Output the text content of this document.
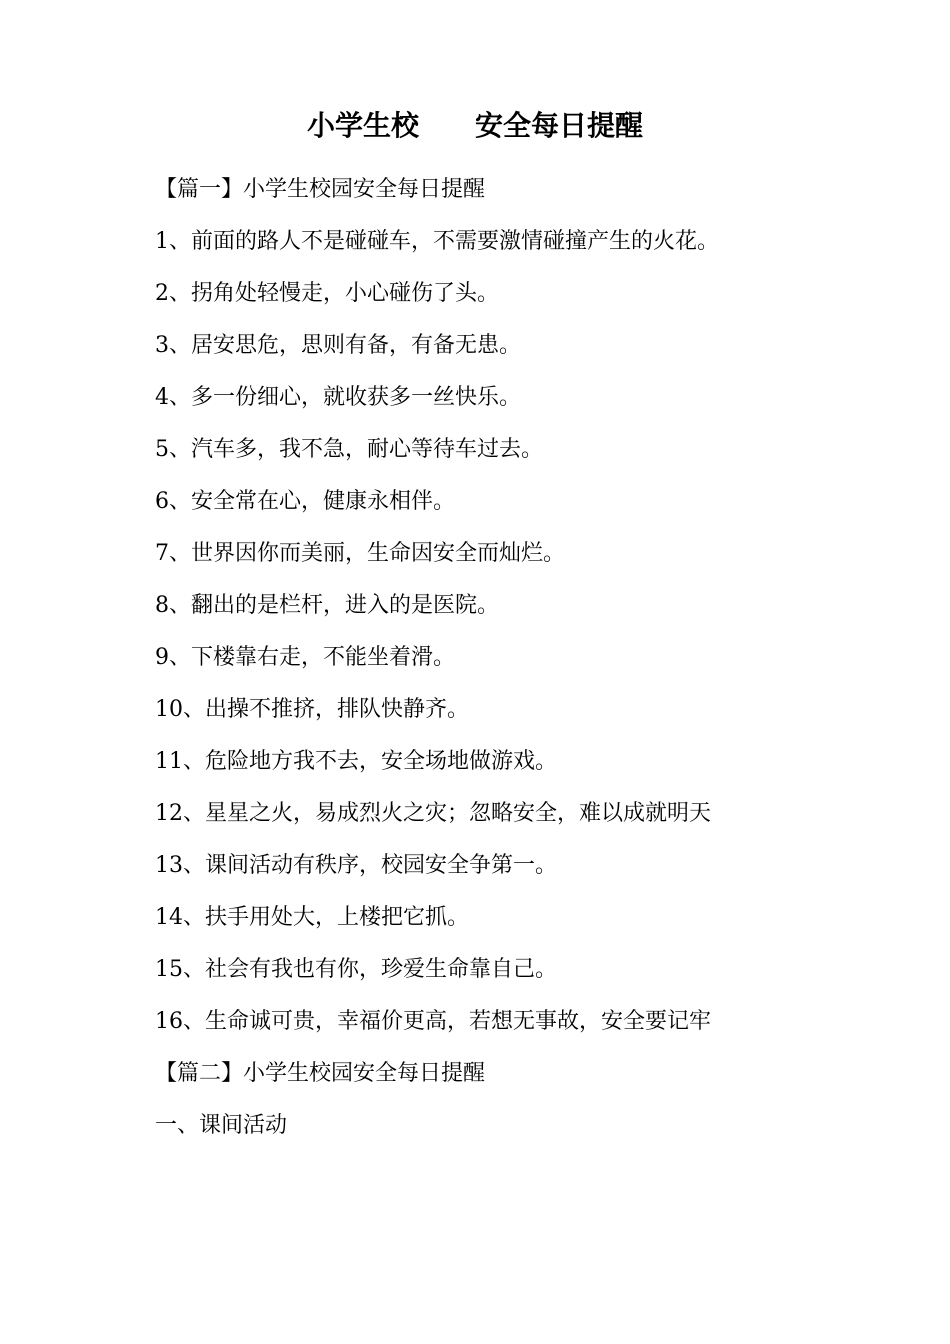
小学生校　　安全每日提醒
【篇一】小学生校园安全每日提醒
1、前面的路人不是碰碰车，不需要激情碰撞产生的火花。
2、拐角处轻慢走，小心碰伤了头。
3、居安思危，思则有备，有备无患。
4、多一份细心，就收获多一丝快乐。
5、汽车多，我不急，耐心等待车过去。
6、安全常在心，健康永相伴。
7、世界因你而美丽，生命因安全而灿烂。
8、翻出的是栏杆，进入的是医院。
9、下楼靠右走，不能坐着滑。
10、出操不推挤，排队快静齐。
11、危险地方我不去，安全场地做游戏。
12、星星之火，易成烈火之灾；忽略安全，难以成就明天
13、课间活动有秩序，校园安全争第一。
14、扶手用处大，上楼把它抓。
15、社会有我也有你，珍爱生命靠自己。
16、生命诚可贵，幸福价更高，若想无事故，安全要记牢
【篇二】小学生校园安全每日提醒
一、课间活动
